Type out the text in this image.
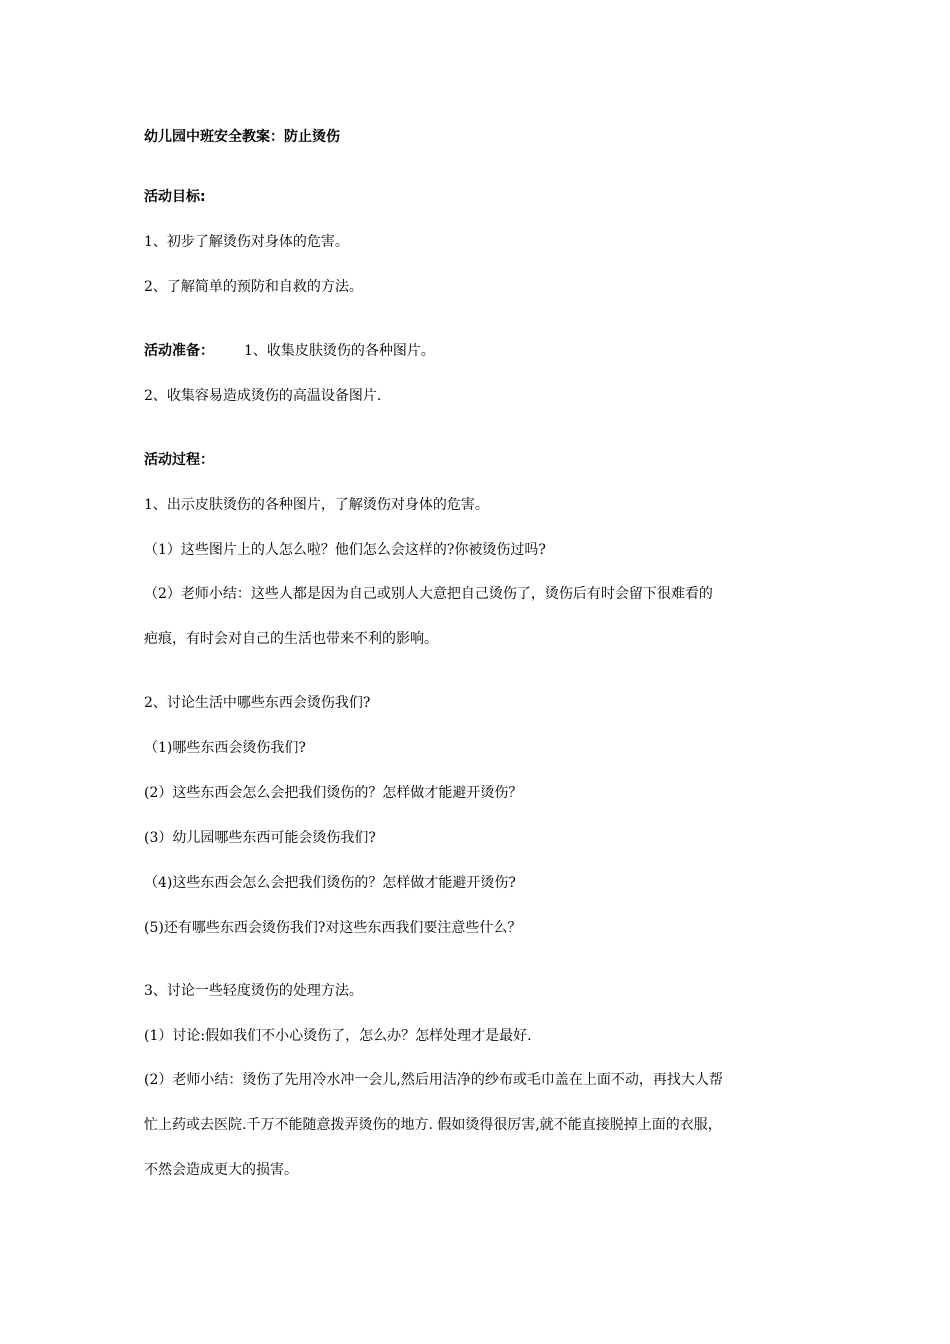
幼儿园中班安全教案：防止烫伤
活动目标:
1、初步了解烫伤对身体的危害。
2、了解简单的预防和自救的方法。
活动准备： 1、收集皮肤烫伤的各种图片。
2、收集容易造成烫伤的高温设备图片.
活动过程：
1、出示皮肤烫伤的各种图片，了解烫伤对身体的危害。
（1）这些图片上的人怎么啦？他们怎么会这样的?你被烫伤过吗?
（2）老师小结：这些人都是因为自己或别人大意把自己烫伤了，烫伤后有时会留下很难看的
疤痕，有时会对自己的生活也带来不利的影响。
2、讨论生活中哪些东西会烫伤我们?
（1)哪些东西会烫伤我们?
(2）这些东西会怎么会把我们烫伤的？怎样做才能避开烫伤？
(3）幼儿园哪些东西可能会烫伤我们?
（4)这些东西会怎么会把我们烫伤的？怎样做才能避开烫伤?
(5)还有哪些东西会烫伤我们?对这些东西我们要注意些什么？
3、讨论一些轻度烫伤的处理方法。
(1）讨论:假如我们不小心烫伤了，怎么办？怎样处理才是最好.
(2）老师小结：烫伤了先用冷水冲一会儿,然后用洁净的纱布或毛巾盖在上面不动，再找大人帮
忙上药或去医院.千万不能随意拨弄烫伤的地方. 假如烫得很厉害,就不能直接脱掉上面的衣服，
不然会造成更大的损害。
